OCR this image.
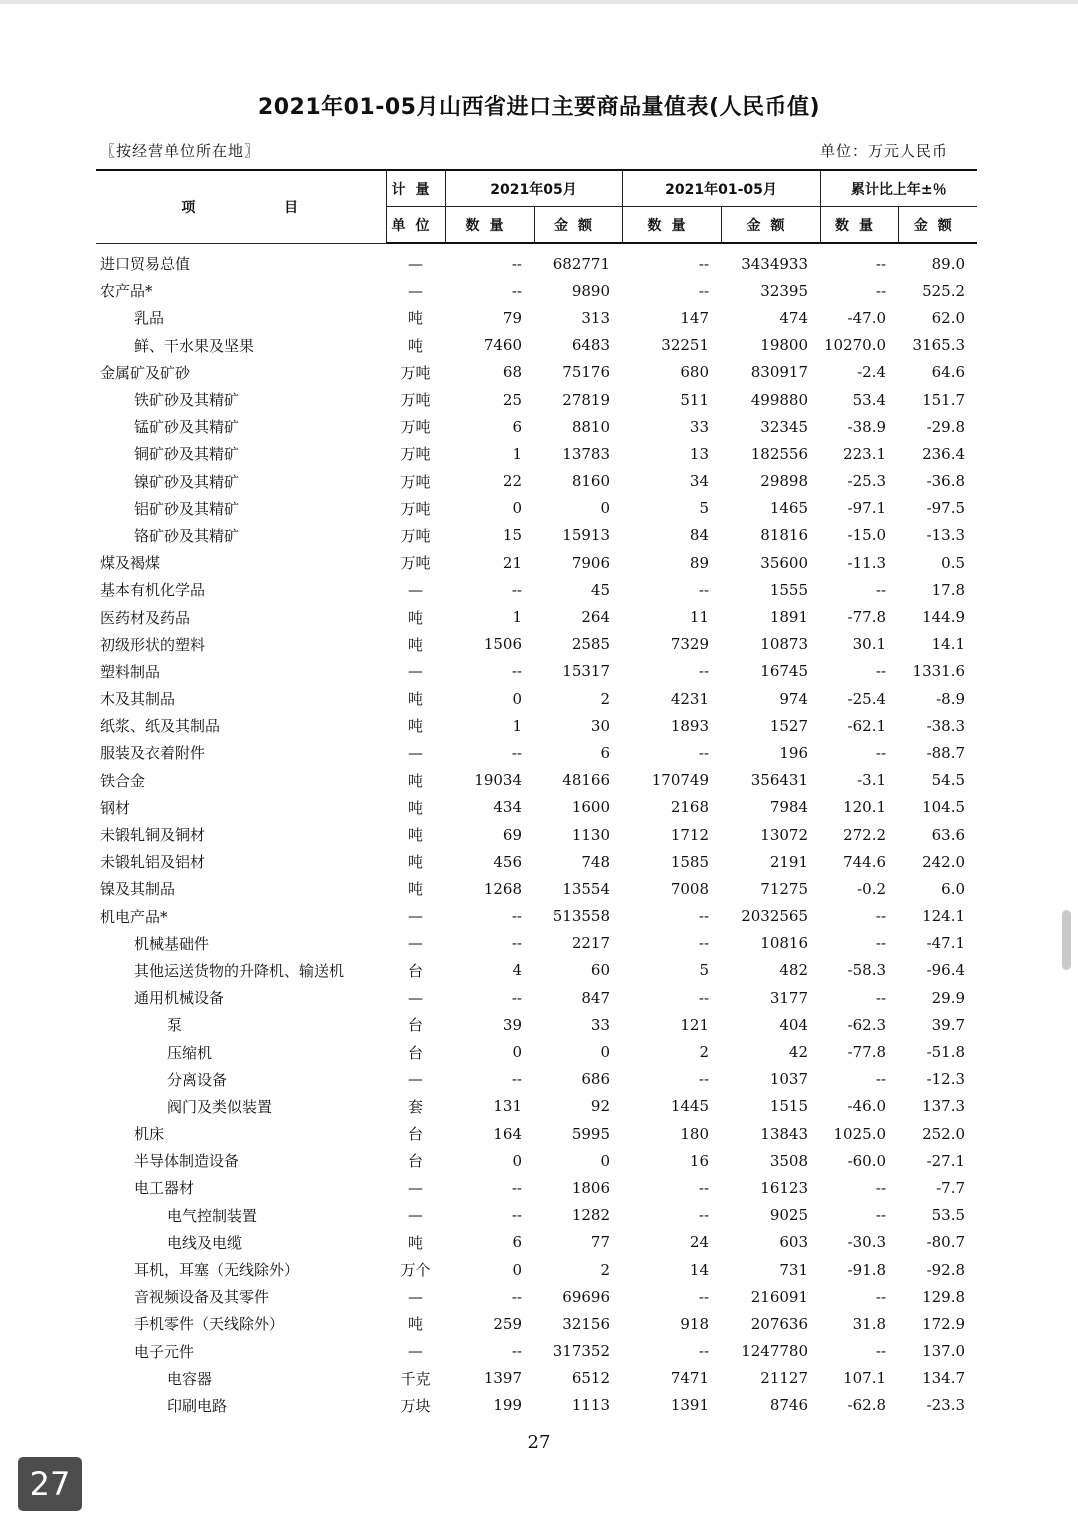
2021年01-05月山西省进口主要商品量值表(人民币值)
〖按经营单位所在地〗	单位：万元人民币
项 目	计量	2021年05月		2021年01-05月		累计比上年±％	
	单位	数量	金额	数量	金额	数量	金额
进口贸易总值	—	--	682771	--	3434933	--	89.0
农产品*	—	--	9890	--	32395	--	525.2
乳品	吨	79	313	147	474	-47.0	62.0
鲜、干水果及坚果	吨	7460	6483	32251	19800	10270.0	3165.3
金属矿及矿砂	万吨	68	75176	680	830917	-2.4	64.6
铁矿砂及其精矿	万吨	25	27819	511	499880	53.4	151.7
锰矿砂及其精矿	万吨	6	8810	33	32345	-38.9	-29.8
铜矿砂及其精矿	万吨	1	13783	13	182556	223.1	236.4
镍矿砂及其精矿	万吨	22	8160	34	29898	-25.3	-36.8
铝矿砂及其精矿	万吨	0	0	5	1465	-97.1	-97.5
铬矿砂及其精矿	万吨	15	15913	84	81816	-15.0	-13.3
煤及褐煤	万吨	21	7906	89	35600	-11.3	0.5
基本有机化学品	—	--	45	--	1555	--	17.8
医药材及药品	吨	1	264	11	1891	-77.8	144.9
初级形状的塑料	吨	1506	2585	7329	10873	30.1	14.1
塑料制品	—	--	15317	--	16745	--	1331.6
木及其制品	吨	0	2	4231	974	-25.4	-8.9
纸浆、纸及其制品	吨	1	30	1893	1527	-62.1	-38.3
服装及衣着附件	—	--	6	--	196	--	-88.7
铁合金	吨	19034	48166	170749	356431	-3.1	54.5
钢材	吨	434	1600	2168	7984	120.1	104.5
未锻轧铜及铜材	吨	69	1130	1712	13072	272.2	63.6
未锻轧铝及铝材	吨	456	748	1585	2191	744.6	242.0
镍及其制品	吨	1268	13554	7008	71275	-0.2	6.0
机电产品*	—	--	513558	--	2032565	--	124.1
机械基础件	—	--	2217	--	10816	--	-47.1
其他运送货物的升降机、输送机	台	4	60	5	482	-58.3	-96.4
通用机械设备	—	--	847	--	3177	--	29.9
泵	台	39	33	121	404	-62.3	39.7
压缩机	台	0	0	2	42	-77.8	-51.8
分离设备	—	--	686	--	1037	--	-12.3
阀门及类似装置	套	131	92	1445	1515	-46.0	137.3
机床	台	164	5995	180	13843	1025.0	252.0
半导体制造设备	台	0	0	16	3508	-60.0	-27.1
电工器材	—	--	1806	--	16123	--	-7.7
电气控制装置	—	--	1282	--	9025	--	53.5
电线及电缆	吨	6	77	24	603	-30.3	-80.7
耳机，耳塞（无线除外）	万个	0	2	14	731	-91.8	-92.8
音视频设备及其零件	—	--	69696	--	216091	--	129.8
手机零件（天线除外）	吨	259	32156	918	207636	31.8	172.9
电子元件	—	--	317352	--	1247780	--	137.0
电容器	千克	1397	6512	7471	21127	107.1	134.7
印刷电路	万块	199	1113	1391	8746	-62.8	-23.3
27
27
